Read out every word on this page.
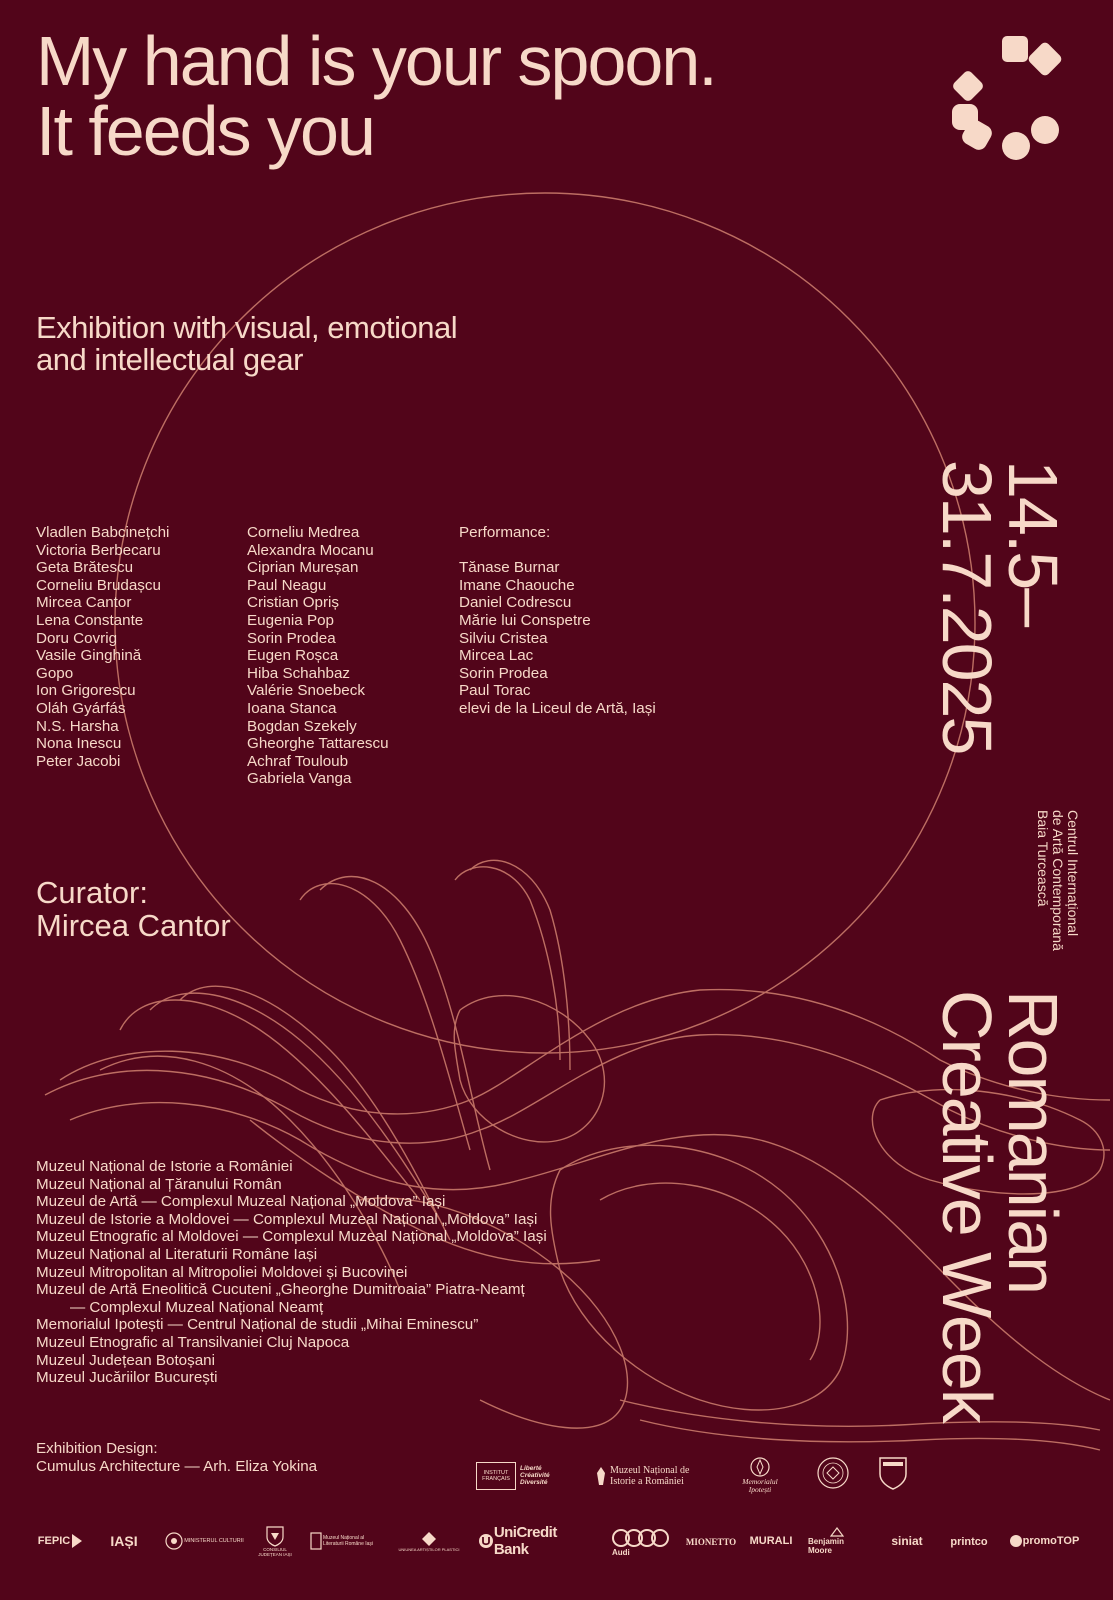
My hand is your spoon.
It feeds you
Exhibition with visual, emotional
and intellectual gear
Vladlen Babcinețchi
Victoria Berbecaru
Geta Brătescu
Corneliu Brudașcu
Mircea Cantor
Lena Constante
Doru Covrig
Vasile Ginghină
Gopo
Ion Grigorescu
Oláh Gyárfás
N.S. Harsha
Nona Inescu
Peter Jacobi
Corneliu Medrea
Alexandra Mocanu
Ciprian Mureșan
Paul Neagu
Cristian Opriș
Eugenia Pop
Sorin Prodea
Eugen Roșca
Hiba Schahbaz
Valérie Snoebeck
Ioana Stanca
Bogdan Szekely
Gheorghe Tattarescu
Achraf Touloub
Gabriela Vanga
Performance:
Tănase Burnar
Imane Chaouche
Daniel Codrescu
Mărie lui Conspetre
Silviu Cristea
Mircea Lac
Sorin Prodea
Paul Torac
elevi de la Liceul de Artă, Iași
Curator:
Mircea Cantor
Muzeul Național de Istorie a României
Muzeul Național al Țăranului Român
Muzeul de Artă — Complexul Muzeal Național „Moldova” Iași
Muzeul de Istorie a Moldovei — Complexul Muzeal Național „Moldova” Iași
Muzeul Etnografic al Moldovei — Complexul Muzeal Național „Moldova” Iași
Muzeul Național al Literaturii Române Iași
Muzeul Mitropolitan al Mitropoliei Moldovei și Bucovinei
Muzeul de Artă Eneolitică Cucuteni „Gheorghe Dumitroaia” Piatra-Neamț
— Complexul Muzeal Național Neamț
Memorialul Ipotești — Centrul Național de studii „Mihai Eminescu”
Muzeul Etnografic al Transilvaniei Cluj Napoca
Muzeul Județean Botoșani
Muzeul Jucăriilor București
Exhibition Design:
Cumulus Architecture — Arh. Eliza Yokina
14.5–
31.7.2025
Centrul Internațional
de Artă Contemporană
Baia Turcească
Romanian
Creative Week
INSTITUT FRANÇAIS
Liberté Créativité Diversité
Muzeul Național de Istorie a României	Memorialul Ipotești
FEPIC	IAȘI	MINISTERUL CULTURII
CONSILIUL JUDEȚEAN IAȘI
Muzeul Național al Literaturii Române Iași
UNIUNEA ARTIȘTILOR PLASTICI
UniCredit Bank	Audi
MIONETTO MURALI Benjamin Moore
siniat	printco	promoTOP
